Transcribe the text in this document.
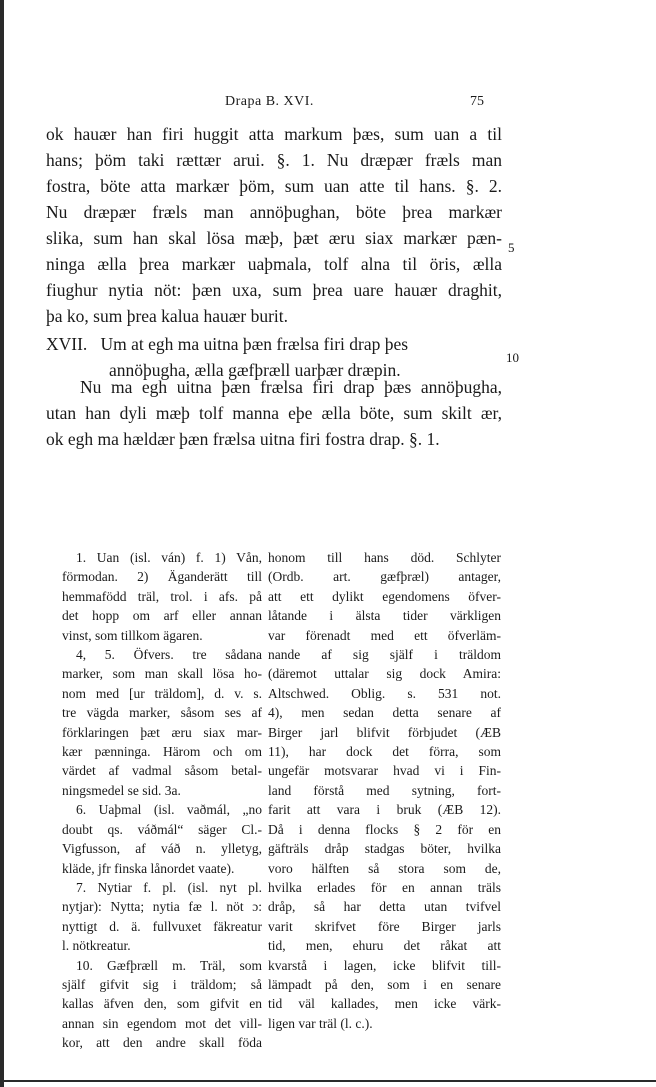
Drapa B. XVI.	75
ok hauær han firi huggit atta markum þæs, sum uan a til
hans; þöm taki rættær arui. §. 1. Nu dræpær fræls man
fostra, böte atta markær þöm, sum uan atte til hans. §. 2.
Nu dræpær fræls man annöþughan, böte þrea markær
slika, sum han skal lösa mæþ, þæt æru siax markær pæn-
ninga ælla þrea markær uaþmala, tolf alna til öris, ælla
fiughur nytia nöt: þæn uxa, sum þrea uare hauær draghit,
þa ko, sum þrea kalua hauær burit.
5
XVII. Um at egh ma uitna þæn frælsa firi drap þes
annöþugha, ælla gæfþræll uarþær dræpin.
10
Nu ma egh uitna þæn frælsa firi drap þæs annöþugha,
utan han dyli mæþ tolf manna eþe ælla böte, sum skilt ær,
ok egh ma hældær þæn frælsa uitna firi fostra drap. §. 1.
1. Uan (isl. ván) f. 1) Vån,
förmodan. 2) Äganderätt till
hemmafödd träl, trol. i afs. på
det hopp om arf eller annan
vinst, som tillkom ägaren.
4, 5. Öfvers. tre sådana
marker, som man skall lösa ho-
nom med [ur träldom], d. v. s.
tre vägda marker, såsom ses af
förklaringen þæt æru siax mar-
kær pænninga. Härom och om
värdet af vadmal såsom betal-
ningsmedel se sid. 3a.
6. Uaþmal (isl. vaðmál, „no
doubt qs. váðmál“ säger Cl.-
Vigfusson, af váð n. ylletyg,
kläde, jfr finska lånordet vaate).
7. Nytiar f. pl. (isl. nyt pl.
nytjar): Nytta; nytia fæ l. nöt ɔ:
nyttigt d. ä. fullvuxet fäkreatur
l. nötkreatur.
10. Gæfþræll m. Träl, som
själf gifvit sig i träldom; så
kallas äfven den, som gifvit en
annan sin egendom mot det vill-
kor, att den andre skall föda
honom till hans död. Schlyter
(Ordb. art. gæfþræl) antager,
att ett dylikt egendomens öfver-
låtande i älsta tider värkligen
var förenadt med ett öfverläm-
nande af sig själf i träldom
(däremot uttalar sig dock Amira:
Altschwed. Oblig. s. 531 not.
4), men sedan detta senare af
Birger jarl blifvit förbjudet (ÆB
11), har dock det förra, som
ungefär motsvarar hvad vi i Fin-
land förstå med sytning, fort-
farit att vara i bruk (ÆB 12).
Då i denna flocks § 2 för en
gäfträls dråp stadgas böter, hvilka
voro hälften så stora som de,
hvilka erlades för en annan träls
dråp, så har detta utan tvifvel
varit skrifvet före Birger jarls
tid, men, ehuru det råkat att
kvarstå i lagen, icke blifvit till-
lämpadt på den, som i en senare
tid väl kallades, men icke värk-
ligen var träl (l. c.).
